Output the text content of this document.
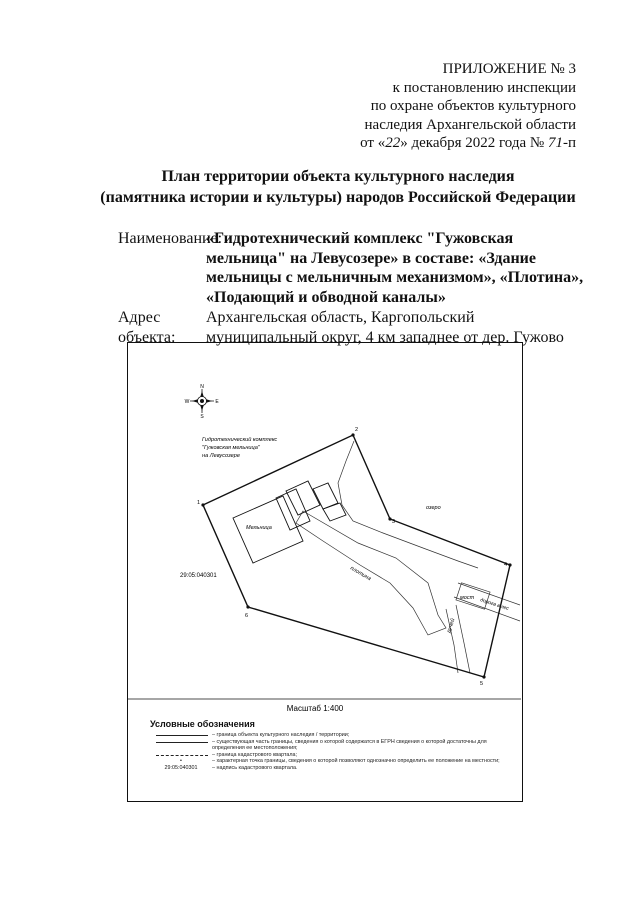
ПРИЛОЖЕНИЕ № 3
к постановлению инспекции
по охране объектов культурного
наследия Архангельской области
от «22» декабря 2022 года № 71-п
План территории объекта культурного наследия
(памятника истории и культуры) народов Российской Федерации
Наименование:
«Гидротехнический комплекс "Гужовская мельница" на Левусозере» в составе: «Здание мельницы с мельничным механизмом», «Плотина», «Подающий и обводной каналы»
Адрес объекта:
Архангельская область, Каргопольский муниципальный округ, 4 км западнее от дер. Гужово
N
S
W	E
Гидротехнический комплекс
"Гужовская мельница"
на Левусозере
озеро
плотина
дорога в лес
мост
ручей
Мельница
1
2
3
4
5
6
29:05:040301
Масштаб 1:400
Условные обозначения
– граница объекта культурного наследия / территории;
– существующая часть границы, сведения о которой содержатся в ЕГРН сведения о которой достаточны для определения ее местоположения;
– граница кадастрового квартала;
•	– характерная точка границы, сведения о которой позволяют однозначно определить ее положение на местности;
29:05:040301	– надпись кадастрового квартала.
